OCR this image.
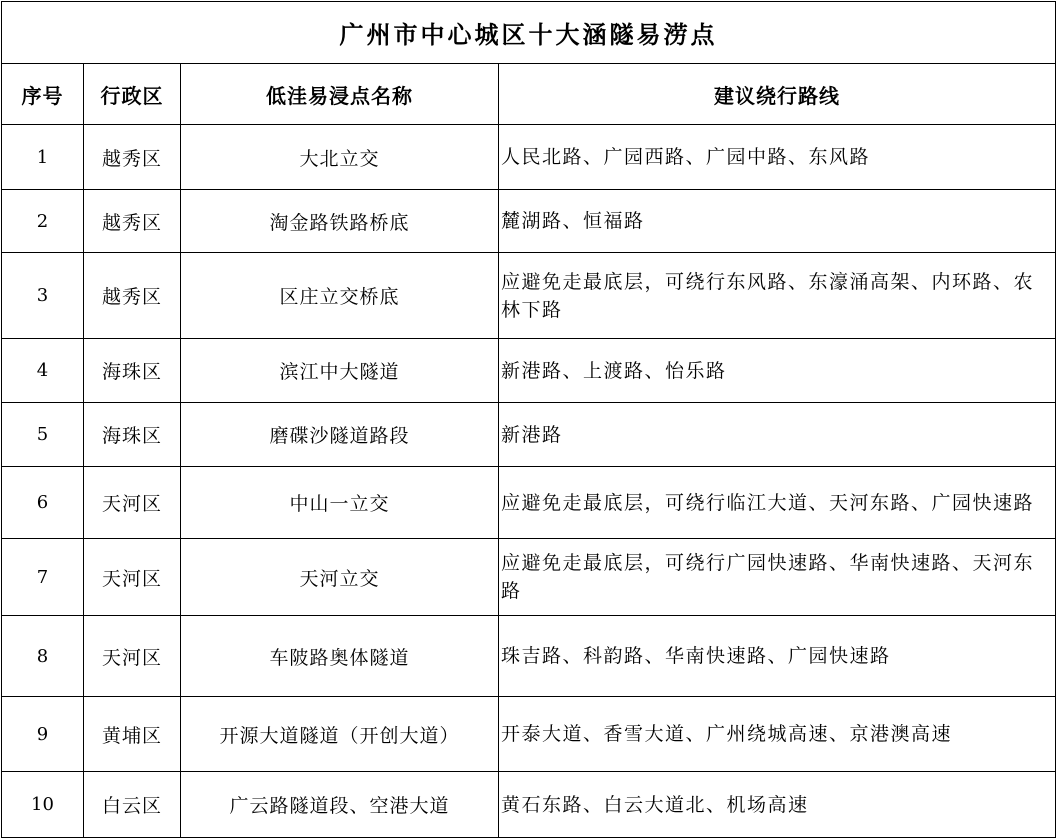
广州市中心城区十大涵隧易涝点			
序号	行政区	低洼易浸点名称	建议绕行路线
1	越秀区	大北立交	人民北路、广园西路、广园中路、东风路
2	越秀区	淘金路铁路桥底	麓湖路、恒福路
3	越秀区	区庄立交桥底	应避免走最底层，可绕行东风路、东濠涌高架、内环路、农林下路
4	海珠区	滨江中大隧道	新港路、上渡路、怡乐路
5	海珠区	磨碟沙隧道路段	新港路
6	天河区	中山一立交	应避免走最底层，可绕行临江大道、天河东路、广园快速路
7	天河区	天河立交	应避免走最底层，可绕行广园快速路、华南快速路、天河东路
8	天河区	车陂路奥体隧道	珠吉路、科韵路、华南快速路、广园快速路
9	黄埔区	开源大道隧道（开创大道）	开泰大道、香雪大道、广州绕城高速、京港澳高速
10	白云区	广云路隧道段、空港大道	黄石东路、白云大道北、机场高速
